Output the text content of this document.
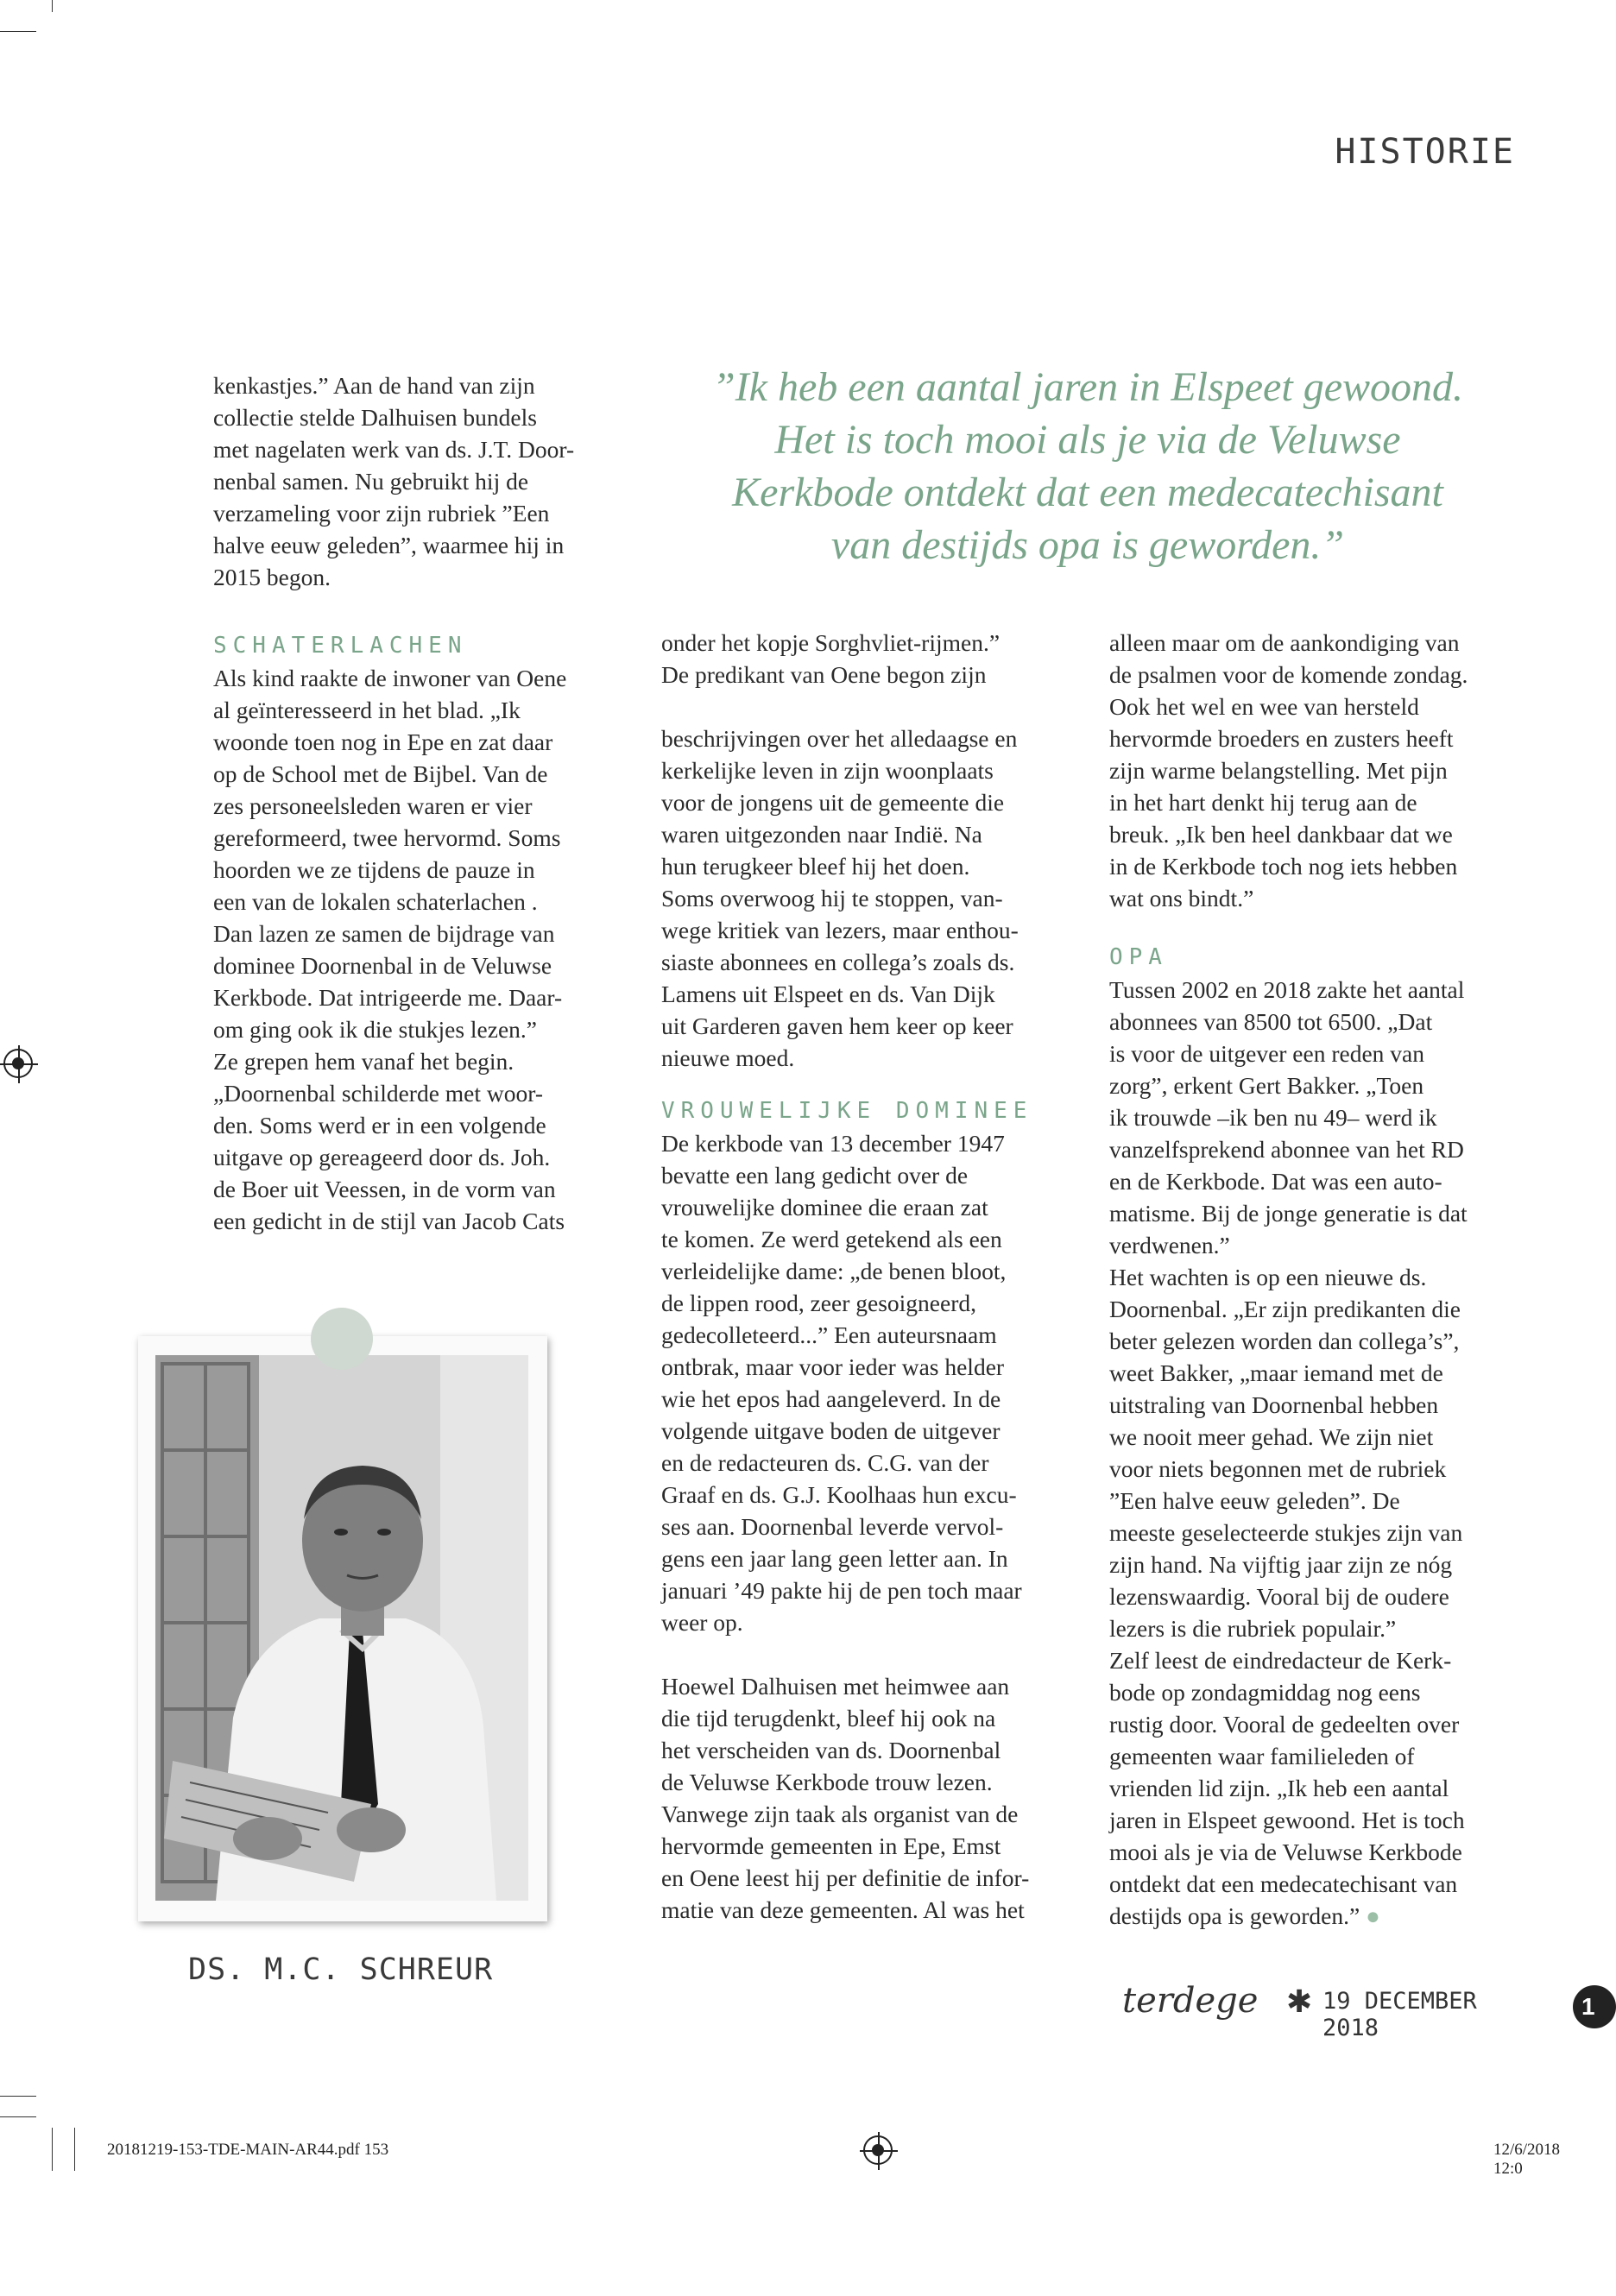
HISTORIE
”Ik heb een aantal jaren in Elspeet gewoond.
Het is toch mooi als je via de Veluwse
Kerkbode ontdekt dat een medecatechisant
van destijds opa is geworden.”

kenkastjes.” Aan de hand van zijn

collectie stelde Dalhuisen bundels

met nagelaten werk van ds. J.T. Door-

nenbal samen. Nu gebruikt hij de

verzameling voor zijn rubriek ”Een

halve eeuw geleden”, waarmee hij in

2015 begon.

SCHATERLACHEN

Als kind raakte de inwoner van Oene

al geïnteresseerd in het blad. „Ik

woonde toen nog in Epe en zat daar

op de School met de Bijbel. Van de

zes personeelsleden waren er vier

gereformeerd, twee hervormd. Soms

hoorden we ze tijdens de pauze in

een van de lokalen schaterlachen .

Dan lazen ze samen de bijdrage van

dominee Doornenbal in de Veluwse

Kerkbode. Dat intrigeerde me. Daar-

om ging ook ik die stukjes lezen.”

Ze grepen hem vanaf het begin.

„Doornenbal schilderde met woor-

den. Soms werd er in een volgende

uitgave op gereageerd door ds. Joh.

de Boer uit Veessen, in de vorm van

een gedicht in de stijl van Jacob Cats

DS. M.C. SCHREUR

onder het kopje Sorghvliet-rijmen.”

De predikant van Oene begon zijn

beschrijvingen over het alledaagse en

kerkelijke leven in zijn woonplaats

voor de jongens uit de gemeente die

waren uitgezonden naar Indië. Na

hun terugkeer bleef hij het doen.

Soms overwoog hij te stoppen, van-

wege kritiek van lezers, maar enthou-

siaste abonnees en collega’s zoals ds.

Lamens uit Elspeet en ds. Van Dijk

uit Garderen gaven hem keer op keer

nieuwe moed.

VROUWELIJKE DOMINEE

De kerkbode van 13 december 1947

bevatte een lang gedicht over de

vrouwelijke dominee die eraan zat

te komen. Ze werd getekend als een

verleidelijke dame: „de benen bloot,

de lippen rood, zeer gesoigneerd,

gedecolleteerd...” Een auteursnaam

ontbrak, maar voor ieder was helder

wie het epos had aangeleverd. In de

volgende uitgave boden de uitgever

en de redacteuren ds. C.G. van der

Graaf en ds. G.J. Koolhaas hun excu-

ses aan. Doornenbal leverde vervol-

gens een jaar lang geen letter aan. In

januari ’49 pakte hij de pen toch maar

weer op.

Hoewel Dalhuisen met heimwee aan

die tijd terugdenkt, bleef hij ook na

het verscheiden van ds. Doornenbal

de Veluwse Kerkbode trouw lezen.

Vanwege zijn taak als organist van de

hervormde gemeenten in Epe, Emst

en Oene leest hij per definitie de infor-

matie van deze gemeenten. Al was het

alleen maar om de aankondiging van

de psalmen voor de komende zondag.

Ook het wel en wee van hersteld

hervormde broeders en zusters heeft

zijn warme belangstelling. Met pijn

in het hart denkt hij terug aan de

breuk. „Ik ben heel dankbaar dat we

in de Kerkbode toch nog iets hebben

wat ons bindt.”

OPA

Tussen 2002 en 2018 zakte het aantal

abonnees van 8500 tot 6500. „Dat

is voor de uitgever een reden van

zorg”, erkent Gert Bakker. „Toen

ik trouwde –ik ben nu 49– werd ik

vanzelfsprekend abonnee van het RD

en de Kerkbode. Dat was een auto-

matisme. Bij de jonge generatie is dat

verdwenen.”

Het wachten is op een nieuwe ds.

Doornenbal. „Er zijn predikanten die

beter gelezen worden dan collega’s”,

weet Bakker, „maar iemand met de

uitstraling van Doornenbal hebben

we nooit meer gehad. We zijn niet

voor niets begonnen met de rubriek

”Een halve eeuw geleden”. De

meeste geselecteerde stukjes zijn van

zijn hand. Na vijftig jaar zijn ze nóg

lezenswaardig. Vooral bij de oudere

lezers is die rubriek populair.”

Zelf leest de eindredacteur de Kerk-

bode op zondagmiddag nog eens

rustig door. Vooral de gedeelten over

gemeenten waar familieleden of

vrienden lid zijn. „Ik heb een aantal

jaren in Elspeet gewoond. Het is toch

mooi als je via de Veluwse Kerkbode

ontdekt dat een medecatechisant van

destijds opa is geworden.” ●

terdege ✱ 19 DECEMBER 2018
1
20181219-153-TDE-MAIN-AR44.pdf 153	12/6/2018 12:0
